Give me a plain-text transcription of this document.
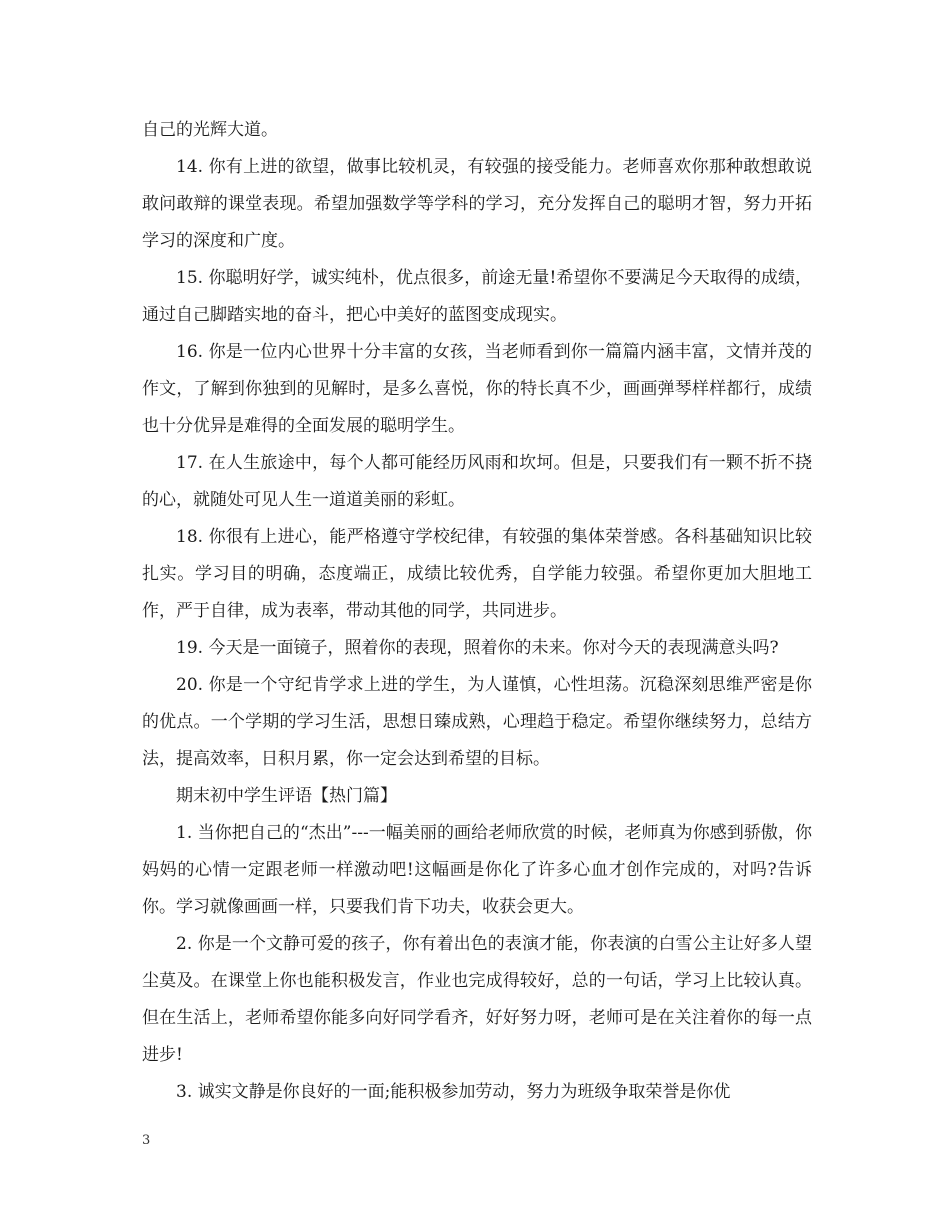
自己的光辉大道。

14. 你有上进的欲望，做事比较机灵，有较强的接受能力。老师喜欢你那种敢想敢说敢问敢辩的课堂表现。希望加强数学等学科的学习，充分发挥自己的聪明才智，努力开拓学习的深度和广度。

15. 你聪明好学，诚实纯朴，优点很多，前途无量!希望你不要满足今天取得的成绩，通过自己脚踏实地的奋斗，把心中美好的蓝图变成现实。

16. 你是一位内心世界十分丰富的女孩，当老师看到你一篇篇内涵丰富，文情并茂的作文，了解到你独到的见解时，是多么喜悦，你的特长真不少，画画弹琴样样都行，成绩也十分优异是难得的全面发展的聪明学生。

17. 在人生旅途中，每个人都可能经历风雨和坎坷。但是，只要我们有一颗不折不挠的心，就随处可见人生一道道美丽的彩虹。

18. 你很有上进心，能严格遵守学校纪律，有较强的集体荣誉感。各科基础知识比较扎实。学习目的明确，态度端正，成绩比较优秀，自学能力较强。希望你更加大胆地工作，严于自律，成为表率，带动其他的同学，共同进步。

19. 今天是一面镜子，照着你的表现，照着你的未来。你对今天的表现满意头吗?

20. 你是一个守纪肯学求上进的学生，为人谨慎，心性坦荡。沉稳深刻思维严密是你的优点。一个学期的学习生活，思想日臻成熟，心理趋于稳定。希望你继续努力，总结方法，提高效率，日积月累，你一定会达到希望的目标。

期末初中学生评语【热门篇】

1. 当你把自己的“杰出”---一幅美丽的画给老师欣赏的时候，老师真为你感到骄傲，你妈妈的心情一定跟老师一样激动吧!这幅画是你化了许多心血才创作完成的，对吗?告诉你。学习就像画画一样，只要我们肯下功夫，收获会更大。

2. 你是一个文静可爱的孩子，你有着出色的表演才能，你表演的白雪公主让好多人望尘莫及。在课堂上你也能积极发言，作业也完成得较好，总的一句话，学习上比较认真。但在生活上，老师希望你能多向好同学看齐，好好努力呀，老师可是在关注着你的每一点进步!

3. 诚实文静是你良好的一面;能积极参加劳动，努力为班级争取荣誉是你优

3
